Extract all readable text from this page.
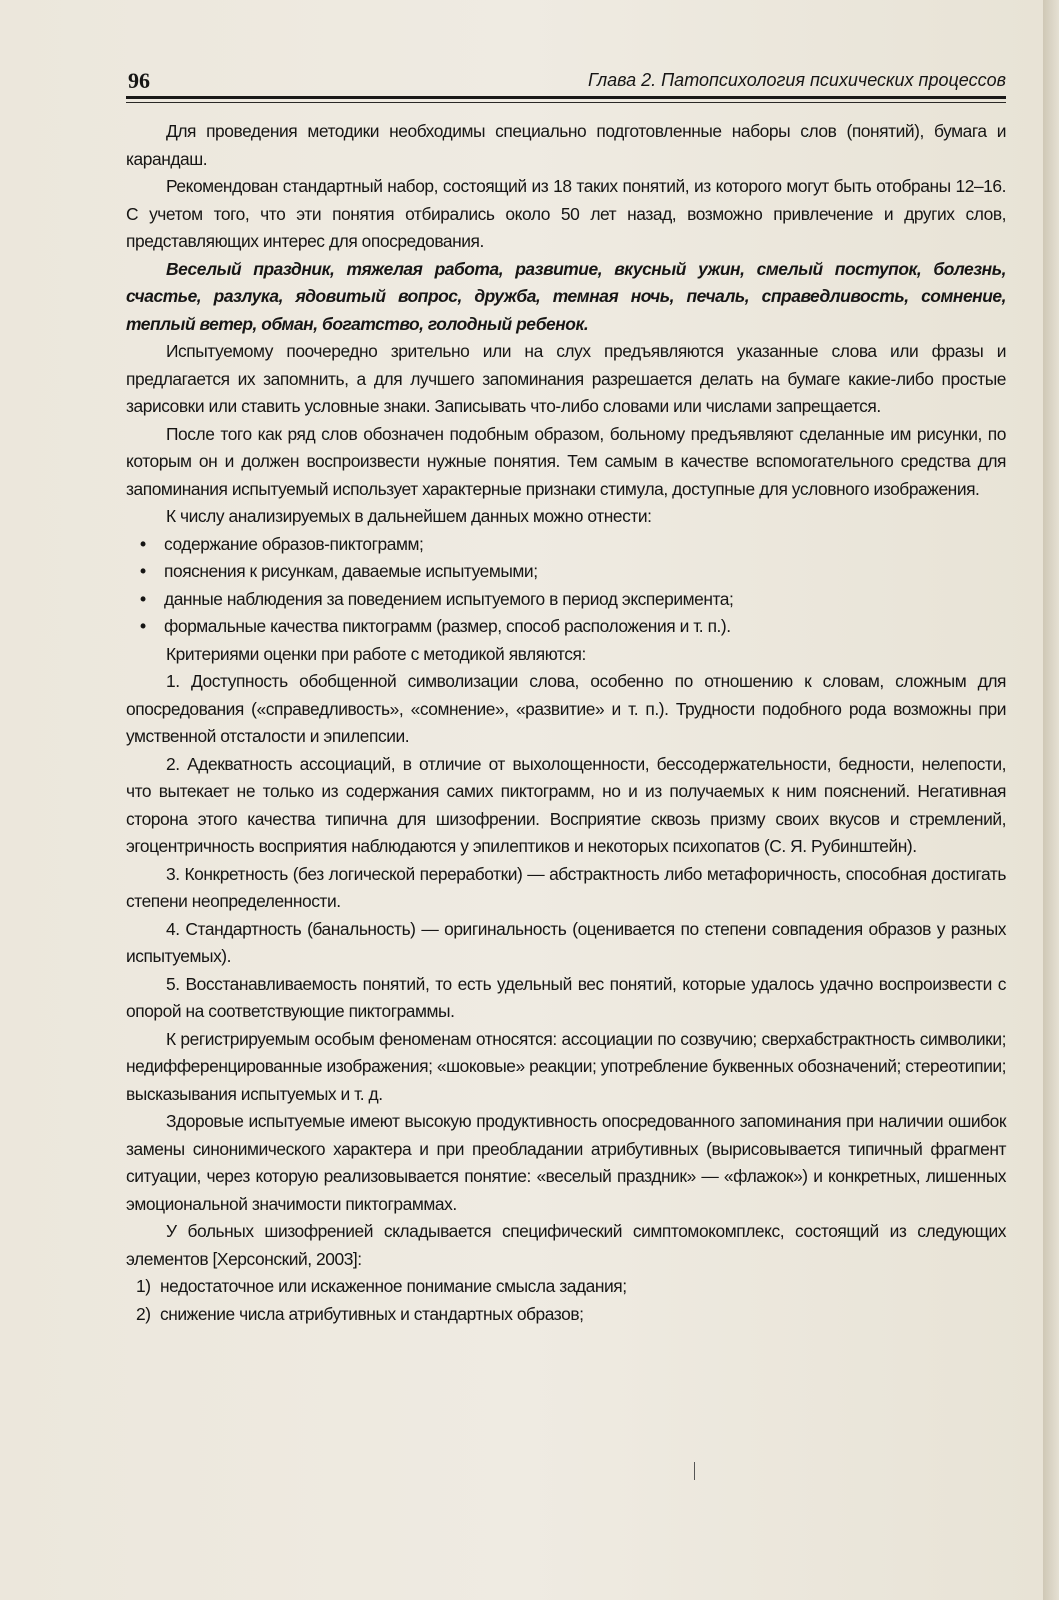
96	Глава 2. Патопсихология психических процессов

Для проведения методики необходимы специально подготовленные наборы слов (понятий), бумага и карандаш.

Рекомендован стандартный набор, состоящий из 18 таких понятий, из которого могут быть отобраны 12–16. С учетом того, что эти понятия отбирались около 50 лет назад, возможно привлечение и других слов, представляющих интерес для опосредования.

Веселый праздник, тяжелая работа, развитие, вкусный ужин, смелый поступок, болезнь, счастье, разлука, ядовитый вопрос, дружба, темная ночь, печаль, справедливость, сомнение, теплый ветер, обман, богатство, голодный ребенок.

Испытуемому поочередно зрительно или на слух предъявляются указанные слова или фразы и предлагается их запомнить, а для лучшего запоминания разрешается делать на бумаге какие-либо простые зарисовки или ставить условные знаки. Записывать что-либо словами или числами запрещается.

После того как ряд слов обозначен подобным образом, больному предъявляют сделанные им рисунки, по которым он и должен воспроизвести нужные понятия. Тем самым в качестве вспомогательного средства для запоминания испытуемый использует характерные признаки стимула, доступные для условного изображения.

К числу анализируемых в дальнейшем данных можно отнести:

• содержание образов-пиктограмм;
• пояснения к рисункам, даваемые испытуемыми;
• данные наблюдения за поведением испытуемого в период эксперимента;
• формальные качества пиктограмм (размер, способ расположения и т. п.).

Критериями оценки при работе с методикой являются:

1. Доступность обобщенной символизации слова, особенно по отношению к словам, сложным для опосредования («справедливость», «сомнение», «развитие» и т. п.). Трудности подобного рода возможны при умственной отсталости и эпилепсии.

2. Адекватность ассоциаций, в отличие от выхолощенности, бессодержательности, бедности, нелепости, что вытекает не только из содержания самих пиктограмм, но и из получаемых к ним пояснений. Негативная сторона этого качества типична для шизофрении. Восприятие сквозь призму своих вкусов и стремлений, эгоцентричность восприятия наблюдаются у эпилептиков и некоторых психопатов (С. Я. Рубинштейн).

3. Конкретность (без логической переработки) — абстрактность либо метафоричность, способная достигать степени неопределенности.

4. Стандартность (банальность) — оригинальность (оценивается по степени совпадения образов у разных испытуемых).

5. Восстанавливаемость понятий, то есть удельный вес понятий, которые удалось удачно воспроизвести с опорой на соответствующие пиктограммы.

К регистрируемым особым феноменам относятся: ассоциации по созвучию; сверхабстрактность символики; недифференцированные изображения; «шоковые» реакции; употребление буквенных обозначений; стереотипии; высказывания испытуемых и т. д.

Здоровые испытуемые имеют высокую продуктивность опосредованного запоминания при наличии ошибок замены синонимического характера и при преобладании атрибутивных (вырисовывается типичный фрагмент ситуации, через которую реализовывается понятие: «веселый праздник» — «флажок») и конкретных, лишенных эмоциональной значимости пиктограммах.

У больных шизофренией складывается специфический симптомокомплекс, состоящий из следующих элементов [Херсонский, 2003]:

1) недостаточное или искаженное понимание смысла задания;
2) снижение числа атрибутивных и стандартных образов;
